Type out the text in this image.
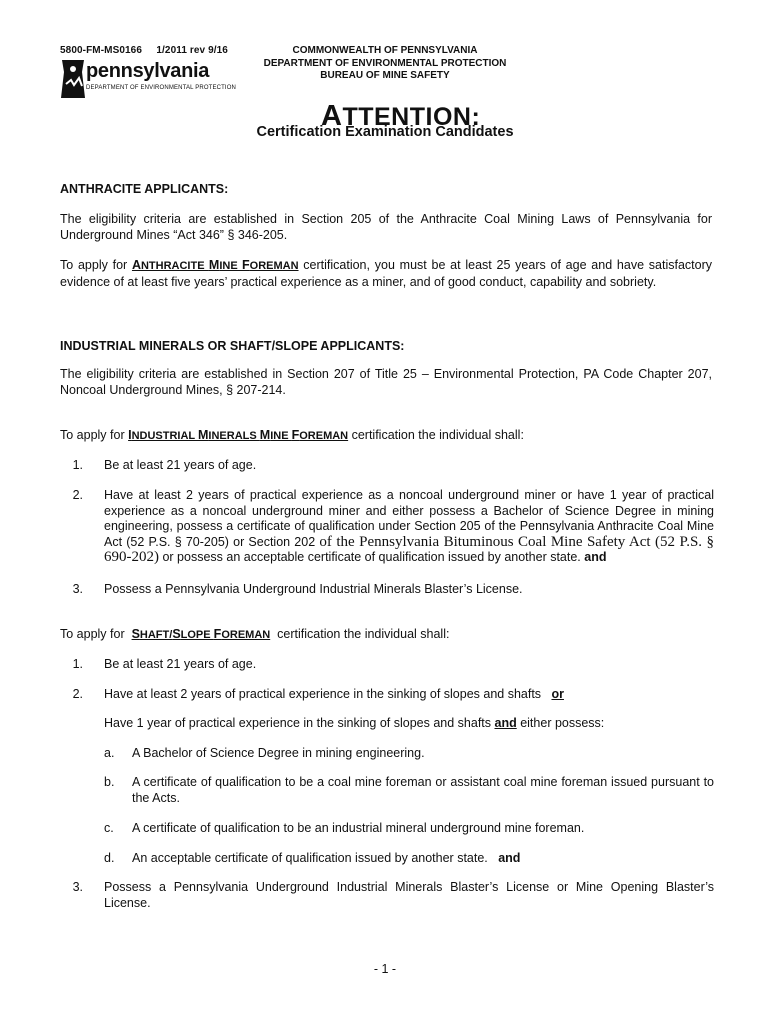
5800-FM-MS0166     1/2011 rev 9/16	COMMONWEALTH OF PENNSYLVANIA
DEPARTMENT OF ENVIRONMENTAL PROTECTION
BUREAU OF MINE SAFETY
pennsylvania
DEPARTMENT OF ENVIRONMENTAL PROTECTION
ATTENTION:
Certification Examination Candidates
ANTHRACITE APPLICANTS:
The eligibility criteria are established in Section 205 of the Anthracite Coal Mining Laws of Pennsylvania for Underground Mines “Act 346” § 346-205.
To apply for ANTHRACITE MINE FOREMAN certification, you must be at least 25 years of age and have satisfactory evidence of at least five years’ practical experience as a miner, and of good conduct, capability and sobriety.
INDUSTRIAL MINERALS OR SHAFT/SLOPE APPLICANTS:
The eligibility criteria are established in Section 207 of Title 25 – Environmental Protection, PA Code Chapter 207, Noncoal Underground Mines, § 207-214.
To apply for INDUSTRIAL MINERALS MINE FOREMAN certification the individual shall:
1. Be at least 21 years of age.
2. Have at least 2 years of practical experience as a noncoal underground miner or have 1 year of practical experience as a noncoal underground miner and either possess a Bachelor of Science Degree in mining engineering, possess a certificate of qualification under Section 205 of the Pennsylvania Anthracite Coal Mine Act (52 P.S. § 70-205) or Section 202 of the Pennsylvania Bituminous Coal Mine Safety Act (52 P.S. § 690-202) or possess an acceptable certificate of qualification issued by another state. and
3. Possess a Pennsylvania Underground Industrial Minerals Blaster’s License.
To apply for  SHAFT/SLOPE FOREMAN  certification the individual shall:
1. Be at least 21 years of age.
2. Have at least 2 years of practical experience in the sinking of slopes and shafts   or
Have 1 year of practical experience in the sinking of slopes and shafts and either possess:
a. A Bachelor of Science Degree in mining engineering.
b. A certificate of qualification to be a coal mine foreman or assistant coal mine foreman issued pursuant to the Acts.
c. A certificate of qualification to be an industrial mineral underground mine foreman.
d. An acceptable certificate of qualification issued by another state.   and
3. Possess a Pennsylvania Underground Industrial Minerals Blaster’s License or Mine Opening Blaster’s License.
- 1 -
